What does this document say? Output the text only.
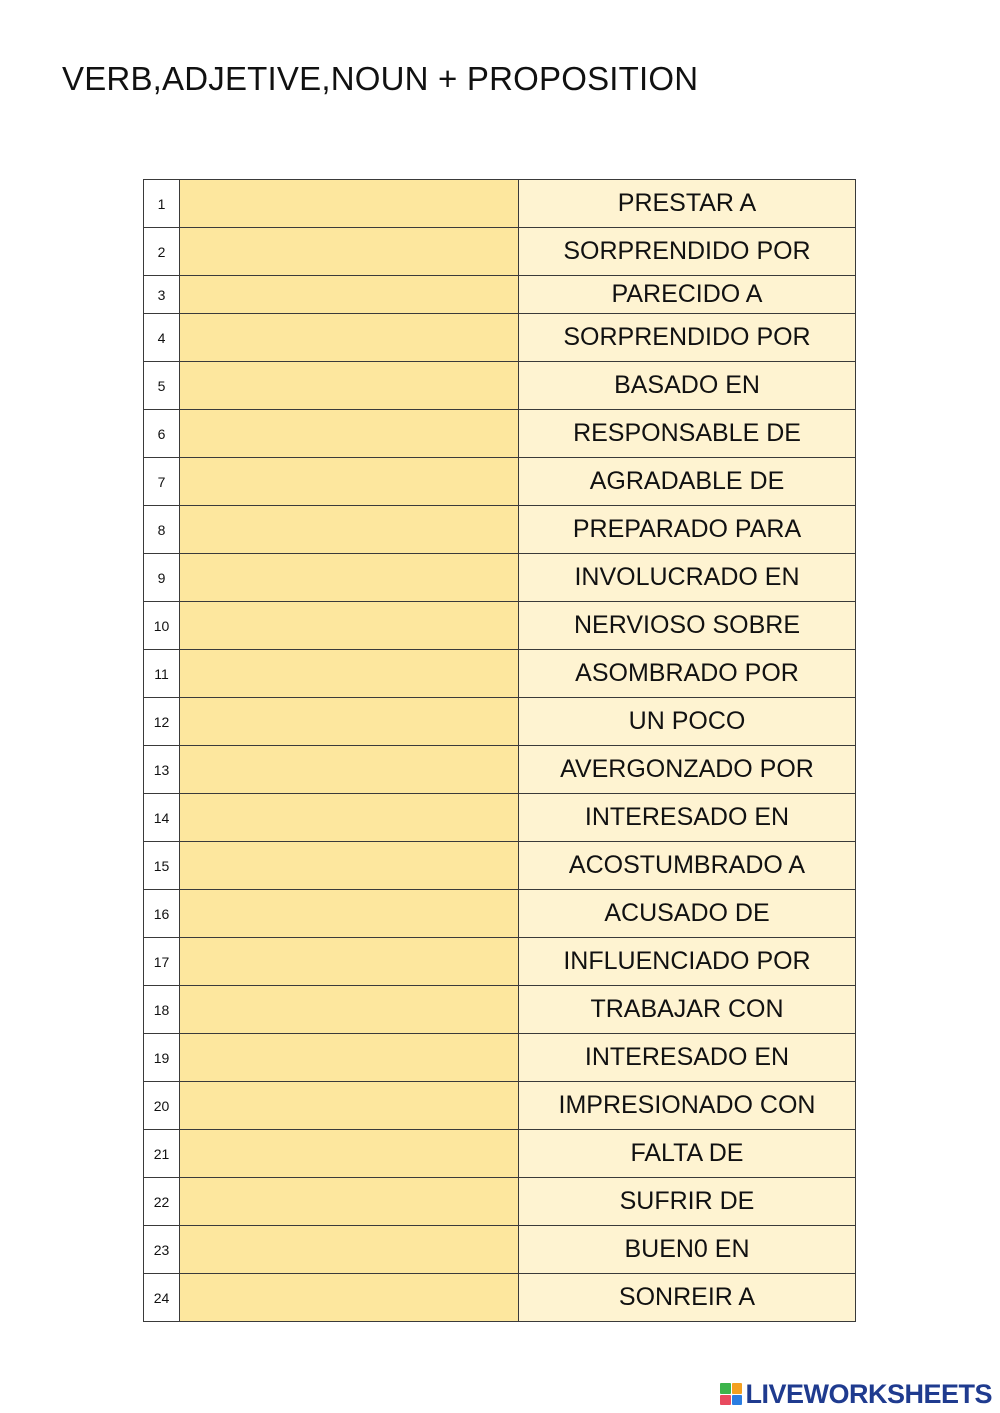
VERB,ADJETIVE,NOUN + PROPOSITION
1		PRESTAR A
2		SORPRENDIDO POR
3		PARECIDO A
4		SORPRENDIDO POR
5		BASADO EN
6		RESPONSABLE DE
7		AGRADABLE DE
8		PREPARADO PARA
9		INVOLUCRADO EN
10		NERVIOSO SOBRE
11		ASOMBRADO POR
12		UN POCO
13		AVERGONZADO POR
14		INTERESADO EN
15		ACOSTUMBRADO A
16		ACUSADO DE
17		INFLUENCIADO POR
18		TRABAJAR CON
19		INTERESADO EN
20		IMPRESIONADO CON
21		FALTA DE
22		SUFRIR DE
23		BUEN0 EN
24		SONREIR A
LIVEWORKSHEETS
